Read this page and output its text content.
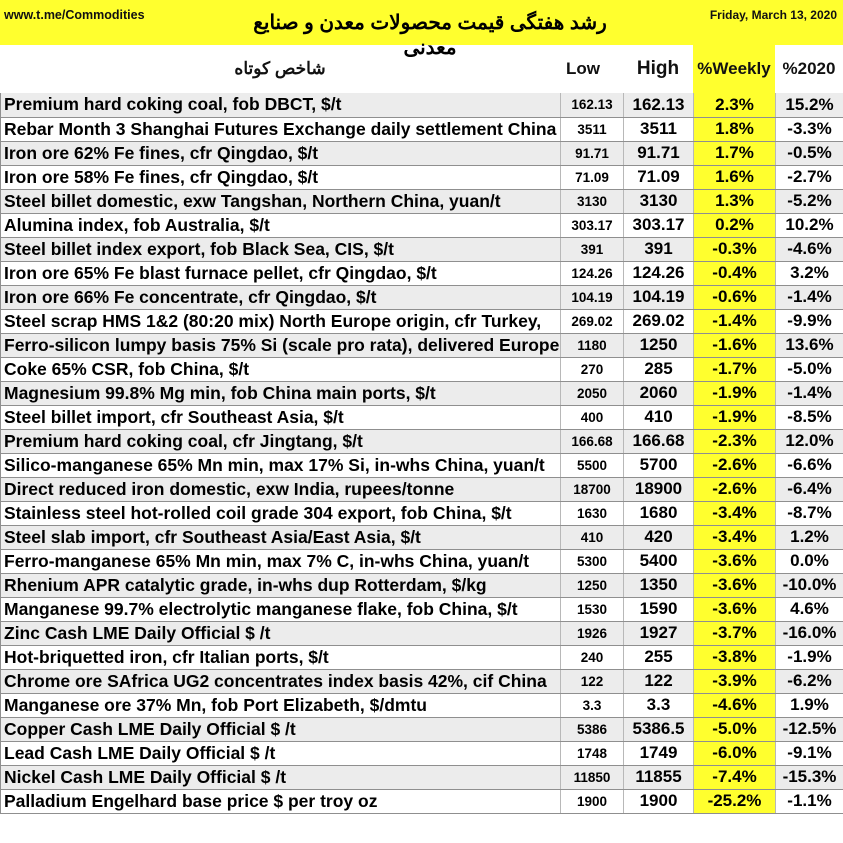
www.t.me/Commodities	رشد هفتگی قیمت محصولات معدن و صنایع معدنی
Friday, March 13, 2020
شاخص کوتاه	Low	High	%Weekly %2020
Premium hard coking coal, fob DBCT, $/t	162.13	162.13	2.3%	15.2%
Rebar Month 3 Shanghai Futures Exchange daily settlement China	3511	3511	1.8%	-3.3%
Iron ore 62% Fe fines, cfr Qingdao, $/t	91.71	91.71	1.7%	-0.5%
Iron ore 58% Fe fines, cfr Qingdao, $/t	71.09	71.09	1.6%	-2.7%
Steel billet domestic, exw Tangshan, Northern China, yuan/t	3130	3130	1.3%	-5.2%
Alumina index, fob Australia, $/t	303.17	303.17	0.2%	10.2%
Steel billet index export, fob Black Sea, CIS, $/t	391	391	-0.3%	-4.6%
Iron ore 65% Fe blast furnace pellet, cfr Qingdao, $/t	124.26	124.26	-0.4%	3.2%
Iron ore 66% Fe concentrate, cfr Qingdao, $/t	104.19	104.19	-0.6%	-1.4%
Steel scrap HMS 1&2 (80:20 mix) North Europe origin, cfr Turkey,	269.02	269.02	-1.4%	-9.9%
Ferro-silicon lumpy basis 75% Si (scale pro rata), delivered Europe	1180	1250	-1.6%	13.6%
Coke 65% CSR, fob China, $/t	270	285	-1.7%	-5.0%
Magnesium 99.8% Mg min, fob China main ports, $/t	2050	2060	-1.9%	-1.4%
Steel billet import, cfr Southeast Asia, $/t	400	410	-1.9%	-8.5%
Premium hard coking coal, cfr Jingtang, $/t	166.68	166.68	-2.3%	12.0%
Silico-manganese 65% Mn min, max 17% Si, in-whs China, yuan/t	5500	5700	-2.6%	-6.6%
Direct reduced iron domestic, exw India, rupees/tonne	18700	18900	-2.6%	-6.4%
Stainless steel hot-rolled coil grade 304 export, fob China, $/t	1630	1680	-3.4%	-8.7%
Steel slab import, cfr Southeast Asia/East Asia, $/t	410	420	-3.4%	1.2%
Ferro-manganese 65% Mn min, max 7% C, in-whs China, yuan/t	5300	5400	-3.6%	0.0%
Rhenium APR catalytic grade, in-whs dup Rotterdam, $/kg	1250	1350	-3.6%	-10.0%
Manganese 99.7% electrolytic manganese flake, fob China, $/t	1530	1590	-3.6%	4.6%
Zinc Cash LME Daily Official $ /t	1926	1927	-3.7%	-16.0%
Hot-briquetted iron, cfr Italian ports, $/t	240	255	-3.8%	-1.9%
Chrome ore SAfrica UG2 concentrates index basis 42%, cif China	122	122	-3.9%	-6.2%
Manganese ore 37% Mn, fob Port Elizabeth, $/dmtu	3.3	3.3	-4.6%	1.9%
Copper Cash LME Daily Official $ /t	5386	5386.5	-5.0%	-12.5%
Lead Cash LME Daily Official $ /t	1748	1749	-6.0%	-9.1%
Nickel Cash LME Daily Official $ /t	11850	11855	-7.4%	-15.3%
Palladium Engelhard base price $ per troy oz	1900	1900	-25.2%	-1.1%
